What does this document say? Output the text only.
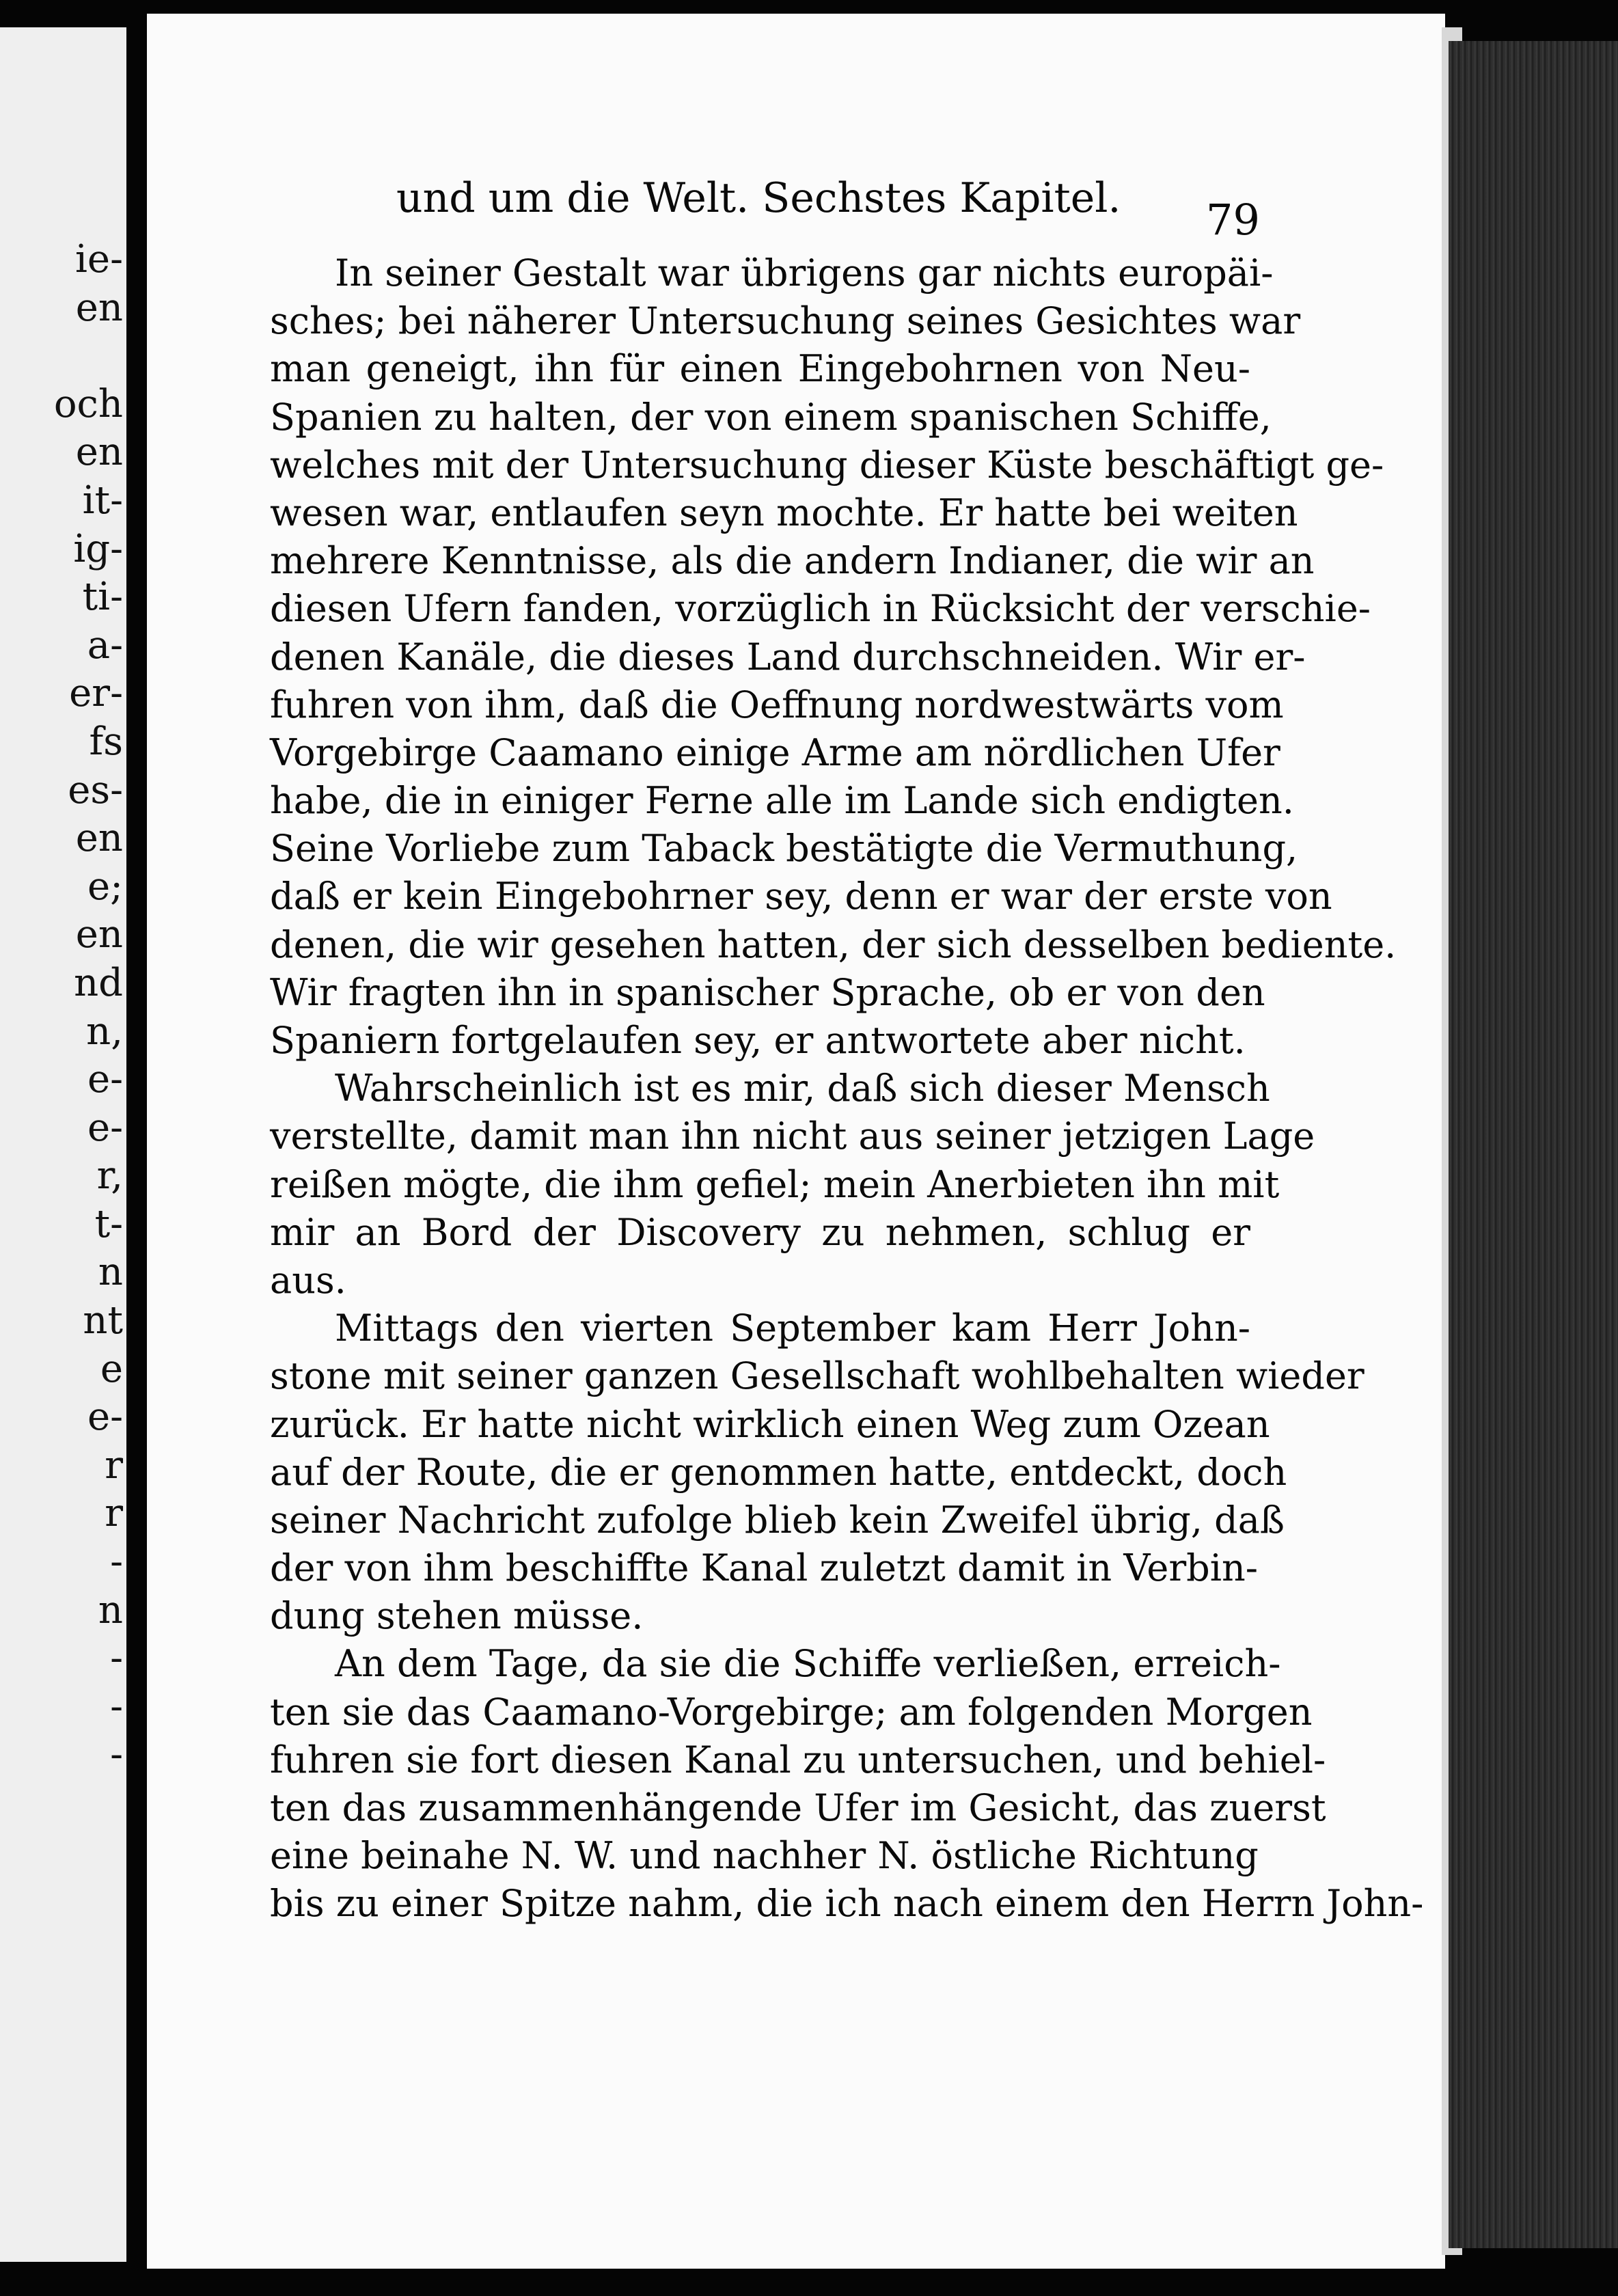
ie-
en
och
en
it-
ig-
ti-
a-
er-
fs
es-
en
e;
en
nd
n,
e-
e-
r,
t-
n
nt
e
e-
r
r
-
n
-
-
-
und um die Welt. Sechstes Kapitel.	79
In seiner Gestalt war übrigens gar nichts europäi-
sches; bei näherer Untersuchung seines Gesichtes war
man geneigt, ihn für einen Eingebohrnen von Neu-
Spanien zu halten, der von einem spanischen Schiffe,
welches mit der Untersuchung dieser Küste beschäftigt ge-
wesen war, entlaufen seyn mochte. Er hatte bei weiten
mehrere Kenntnisse, als die andern Indianer, die wir an
diesen Ufern fanden, vorzüglich in Rücksicht der verschie-
denen Kanäle, die dieses Land durchschneiden. Wir er-
fuhren von ihm, daß die Oeffnung nordwestwärts vom
Vorgebirge Caamano einige Arme am nördlichen Ufer
habe, die in einiger Ferne alle im Lande sich endigten.
Seine Vorliebe zum Taback bestätigte die Vermuthung,
daß er kein Eingebohrner sey, denn er war der erste von
denen, die wir gesehen hatten, der sich desselben bediente.
Wir fragten ihn in spanischer Sprache, ob er von den
Spaniern fortgelaufen sey, er antwortete aber nicht.
Wahrscheinlich ist es mir, daß sich dieser Mensch
verstellte, damit man ihn nicht aus seiner jetzigen Lage
reißen mögte, die ihm gefiel; mein Anerbieten ihn mit
mir an Bord der Discovery zu nehmen, schlug er
aus.
Mittags den vierten September kam Herr John-
stone mit seiner ganzen Gesellschaft wohlbehalten wieder
zurück. Er hatte nicht wirklich einen Weg zum Ozean
auf der Route, die er genommen hatte, entdeckt, doch
seiner Nachricht zufolge blieb kein Zweifel übrig, daß
der von ihm beschiffte Kanal zuletzt damit in Verbin-
dung stehen müsse.
An dem Tage, da sie die Schiffe verließen, erreich-
ten sie das Caamano-Vorgebirge; am folgenden Morgen
fuhren sie fort diesen Kanal zu untersuchen, und behiel-
ten das zusammenhängende Ufer im Gesicht, das zuerst
eine beinahe N. W. und nachher N. östliche Richtung
bis zu einer Spitze nahm, die ich nach einem den Herrn John-
